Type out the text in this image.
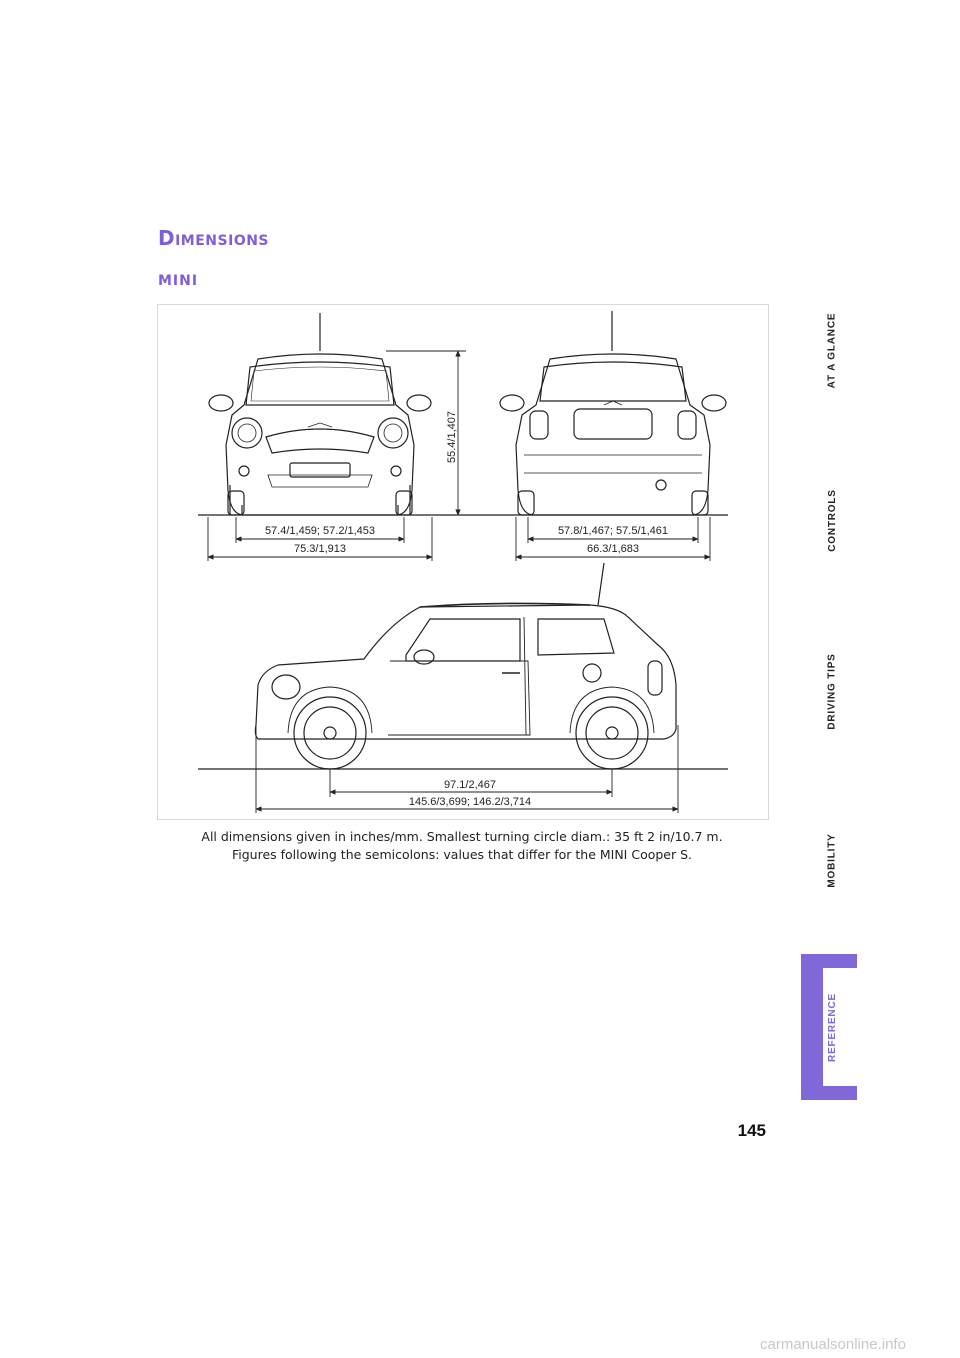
Dimensions
MINI
55.4/1,407
57.4/1,459; 57.2/1,453
75.3/1,913
57.8/1,467; 57.5/1,461
66.3/1,683
97.1/2,467
145.6/3,699; 146.2/3,714
All dimensions given in inches/mm. Smallest turning circle diam.: 35 ft 2 in/10.7 m.
Figures following the semicolons: values that differ for the MINI Cooper S.
AT A GLANCE
CONTROLS
DRIVING TIPS
MOBILITY
REFERENCE
145
carmanualsonline.info
